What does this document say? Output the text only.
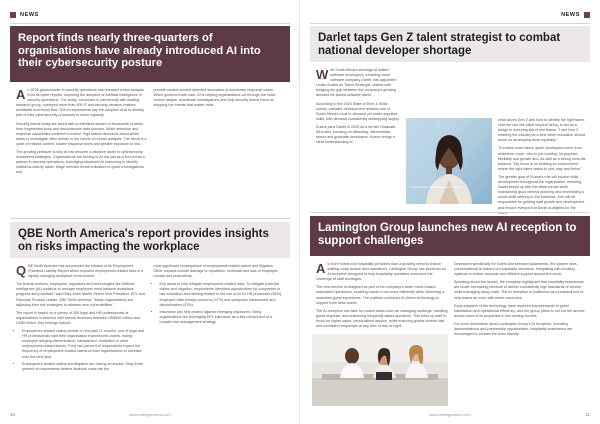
NEWS
Report finds nearly three-quarters of organisations have already introduced AI into their cybersecurity posture
A n 2025 global leader in security operations has released a new analysis from its cyber reports, exploring the adoption of Artificial Intelligence in security operations. The study, conducted in partnership with leading research group, surveyed more than 500 IT and security decision-makers worldwide and found that 74% of respondents say the adoption of AI is already part of their cybersecurity processes in some capacity.

Security teams today are faced with a relentless stream of thousands of alerts from fragmented tools and disconnected data sources. While detection and response capabilities continue to evolve, high-stakes decisions about which alerts to investigate often remain in the hands of human analysts. The result is a cycle of missed context, slower response times and greater exposure to risk.

The growing pressure is why AI has become a decisive factor in cybersecurity investment strategies. Organisations are turning to AI not just as a tool but as a partner in security operations, leveraging advanced AI reasoning to identify malicious activity faster, triage relevant threat indicators to guide investigations and

provide context around detected anomalies to accelerate response cases. When governed with care, AI is helping organisations cut through the noise, reduce fatigue, accelerate investigations and help security teams focus on stopping the threats that matter most.

QBE North America's report provides insights on risks impacting the workplace
Q BE North America has announced the release of its Employment Practices Liability Report which explores employment-related risks in a rapidly changing workplace environment.

"As federal workers, employers, regulators and technologies like Artificial Intelligence (AI) continue to reshape employers must balance workplace progress and practices" said Mary Anne Martin Senior Vice President, EPL and Fiduciary Product Leader, QBE North America. "Many organisations are adjusting their risk strategies to address new vulnerabilities."

The report is based on a survey of 350 legal and HR professionals at organisations in America with annual revenues between US$500 million and US$5 billion. Key findings include:

• Employment-related claims persist: In the past 12 months, one of legal and HR professionals said their organisation experienced claims, mainly employee alleging discrimination, harassment, retaliation or other employment-related issues. Forty two percent of respondents expect the frequency of employment-related claims at their organisations to increase over the next year.
• Employment-related claims and litigation are having an impact: Sixty three percent of respondents believe financial costs are the

most significant consequence of employment-related claims and litigation. Other impacts include damage to reputation, workload and loss of employee morale and productivity.

• Key areas to help mitigate employment-related risks: To mitigate potential claims and litigation, respondents identified opportunities for companies to use education and training related to the use of AI for HR processes (54%), employee data privacy concerns (47%) and workplace harassment and discrimination (43%).
• Insurance can help protect against emerging exposures: Many organisations are leveraging EPL insurance as a key component of a broader risk management strategy.
10	www.intelligentceo.com
NEWS
Darlet taps Gen Z talent strategist to combat national developer shortage
W ith South Africa's shortage of skilled software developers, a leading cloud software company Darlet, has appointed Lerato Kuane as Talent Strategist, tasked with bridging the gap between the company's growing demand for skilled software talent.

According to the 2024 State of Tech & Skills survey, software development remains one of South Africa's most in-demand yet under-supplied skills, with demand consistently outstripping supply.

Kuane joins Darlet in 2025 as a former Graduate Recruiter, focusing on attracting, intermediate, senior and graduate developers. Kuane brings a clear understanding of

Lerato Kuane, Talent Strategist, Darlet

what drives Gen Z and how to identify the right talent. How we can link value beyond hiring, to act as a bridge in nurturing talent into teams. "I see Gen Z entering the industry at a time when education should focus on developing more equitably."

To enable more talent, given developers come from whichever route - tied to job-hunting, for purpose, flexibility and growth and, as well as a strong work-life balance. "My focus is on building an environment where the right talent wants to join, stay and thrive."

The greater goal of Kuane's role will involve skills development throughout the organisation, ensuring Darlet keeps up with the latest trends while maintaining good internal planning and embedding a smart skills offering to the business. She will be responsible for guiding staff growth and development and ensure everyone at Darlet is aligned for the

Lamington Group launches new AI reception to support challenges
A s more hotels and hospitality providers face a growing need to reduce staffing costs across their operations, Lamington Group has launched an AI reception designed to help hospitality operators overcome the challenge of staff shortages.

The new service is designed as part of the company's wider move toward automated operations, enabling hotels to run more efficiently while delivering a seamless guest experience. The platform combines AI-driven technology to support front desk teams.

The AI reception can take on routine tasks such as managing bookings, handling guest requests, and answering frequently asked questions. This frees up staff to focus on higher-value, personalised service, while ensuring guests receive fast and consistent responses at any time of day or night.

Developed specifically for hotels and serviced apartments, the system uses conversational AI trained on hospitality scenarios, integrating with booking systems to deliver accurate and efficient support around the clock.

Speaking about the launch, the company highlighted that hospitality businesses are under increasing pressure to deliver consistently high standards of service while managing rising costs. The AI reception is positioned as a practical tool to help teams do more with fewer resources.

Early adopters of the technology have reported improvements in guest satisfaction and operational efficiency, and the group plans to roll out the service across more of its properties in the coming months.

For more information about Lamington Group's AI reception, including demonstrations and partnership opportunities, hospitality businesses are encouraged to contact the team directly.

www.intelligentceo.com	11
